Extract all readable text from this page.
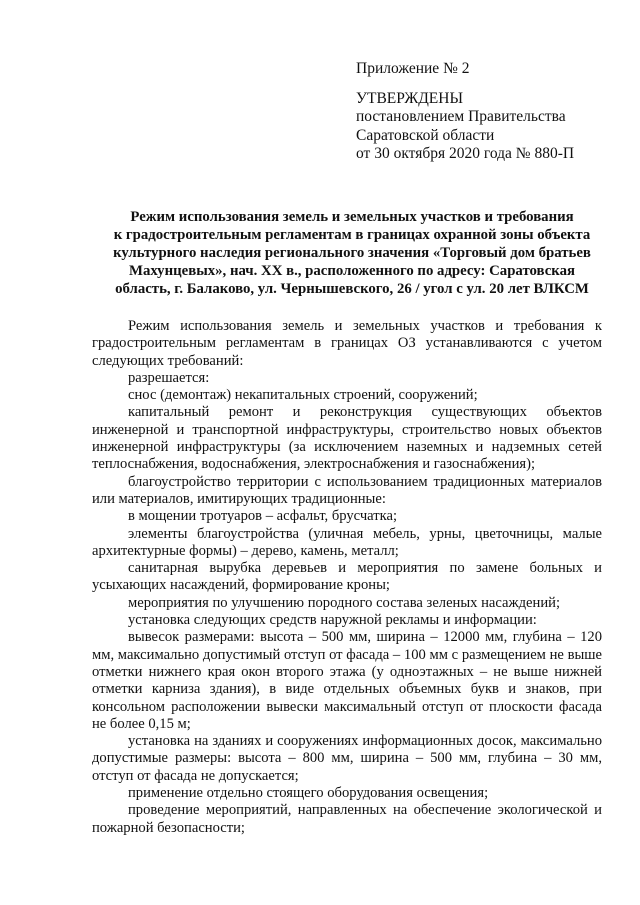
Приложение № 2
УТВЕРЖДЕНЫ
постановлением Правительства
Саратовской области
от 30 октября 2020 года № 880-П
Режим использования земель и земельных участков и требования
к градостроительным регламентам в границах охранной зоны объекта
культурного наследия регионального значения «Торговый дом братьев
Махунцевых», нач. XX в., расположенного по адресу: Саратовская
область, г. Балаково, ул. Чернышевского, 26 / угол с ул. 20 лет ВЛКСМ

Режим использования земель и земельных участков и требования к градостроительным регламентам в границах ОЗ устанавливаются с учетом следующих требований:

разрешается:

снос (демонтаж) некапитальных строений, сооружений;

капитальный ремонт и реконструкция существующих объектов инженерной и транспортной инфраструктуры, строительство новых объектов инженерной инфраструктуры (за исключением наземных и надземных сетей теплоснабжения, водоснабжения, электроснабжения и газоснабжения);

благоустройство территории с использованием традиционных материалов или материалов, имитирующих традиционные:

в мощении тротуаров – асфальт, брусчатка;

элементы благоустройства (уличная мебель, урны, цветочницы, малые архитектурные формы) – дерево, камень, металл;

санитарная вырубка деревьев и мероприятия по замене больных и усыхающих насаждений, формирование кроны;

мероприятия по улучшению породного состава зеленых насаждений;

установка следующих средств наружной рекламы и информации:

вывесок размерами: высота – 500 мм, ширина – 12000 мм, глубина – 120 мм, максимально допустимый отступ от фасада – 100 мм с размещением не выше отметки нижнего края окон второго этажа (у одноэтажных – не выше нижней отметки карниза здания), в виде отдельных объемных букв и знаков, при консольном расположении вывески максимальный отступ от плоскости фасада не более 0,15 м;

установка на зданиях и сооружениях информационных досок, максимально допустимые размеры: высота – 800 мм, ширина – 500 мм, глубина – 30 мм, отступ от фасада не допускается;

применение отдельно стоящего оборудования освещения;

проведение мероприятий, направленных на обеспечение экологической и пожарной безопасности;
